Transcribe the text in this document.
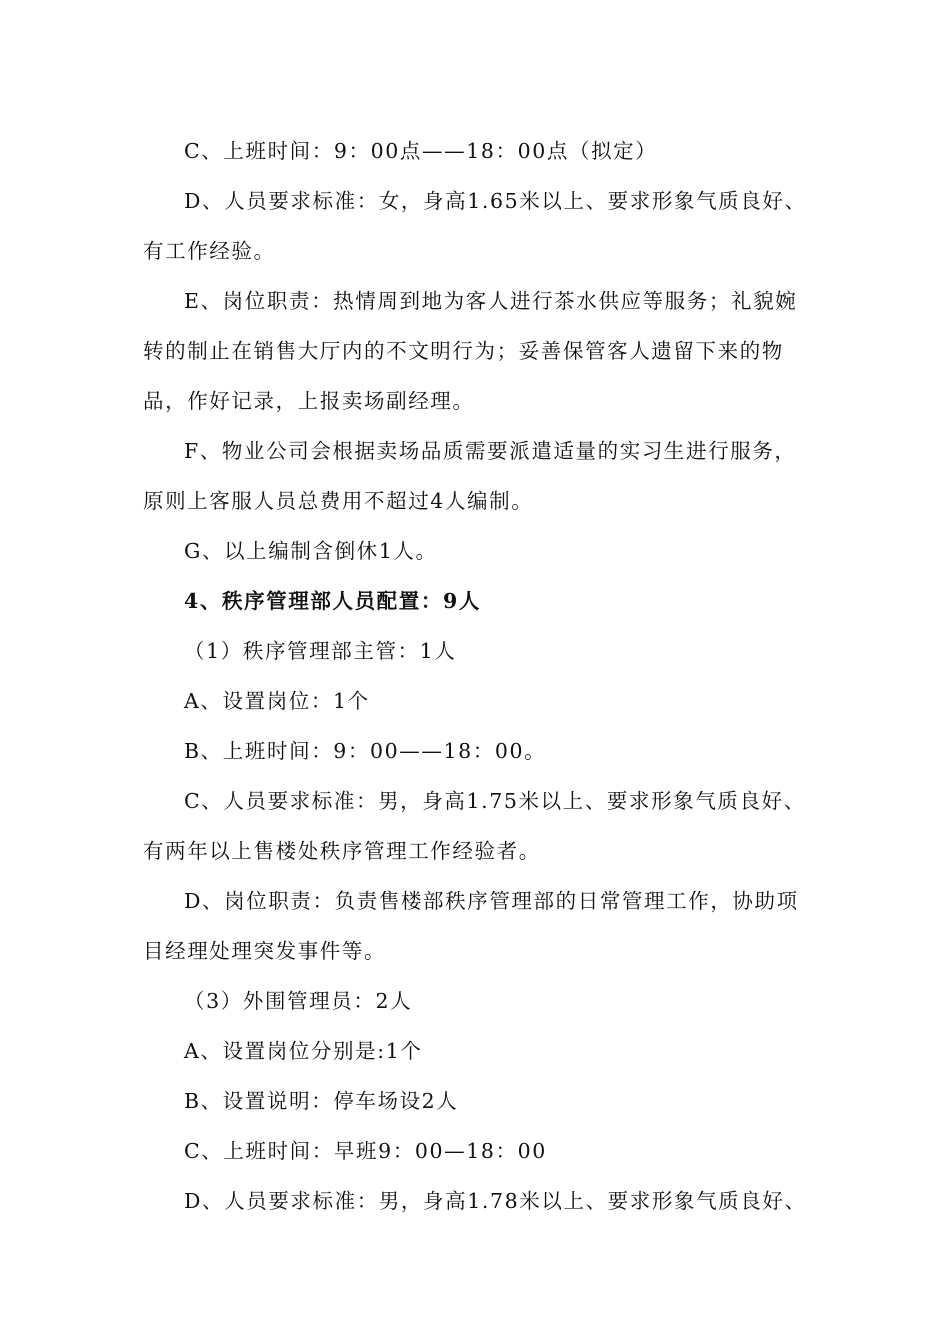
C、上班时间：9：00点——18：00点（拟定）
D、人员要求标准：女，身高1.65米以上、要求形象气质良好、
有工作经验。
E、岗位职责：热情周到地为客人进行茶水供应等服务；礼貌婉
转的制止在销售大厅内的不文明行为；妥善保管客人遗留下来的物
品，作好记录，上报卖场副经理。
F、物业公司会根据卖场品质需要派遣适量的实习生进行服务，
原则上客服人员总费用不超过4人编制。
G、以上编制含倒休1人。
4、秩序管理部人员配置：9人
（1）秩序管理部主管：1人
A、设置岗位：1个
B、上班时间：9：00——18：00。
C、人员要求标准：男，身高1.75米以上、要求形象气质良好、
有两年以上售楼处秩序管理工作经验者。
D、岗位职责：负责售楼部秩序管理部的日常管理工作，协助项
目经理处理突发事件等。
（3）外围管理员：2人
A、设置岗位分别是:1个
B、设置说明：停车场设2人
C、上班时间：早班9：00—18：00
D、人员要求标准：男，身高1.78米以上、要求形象气质良好、
